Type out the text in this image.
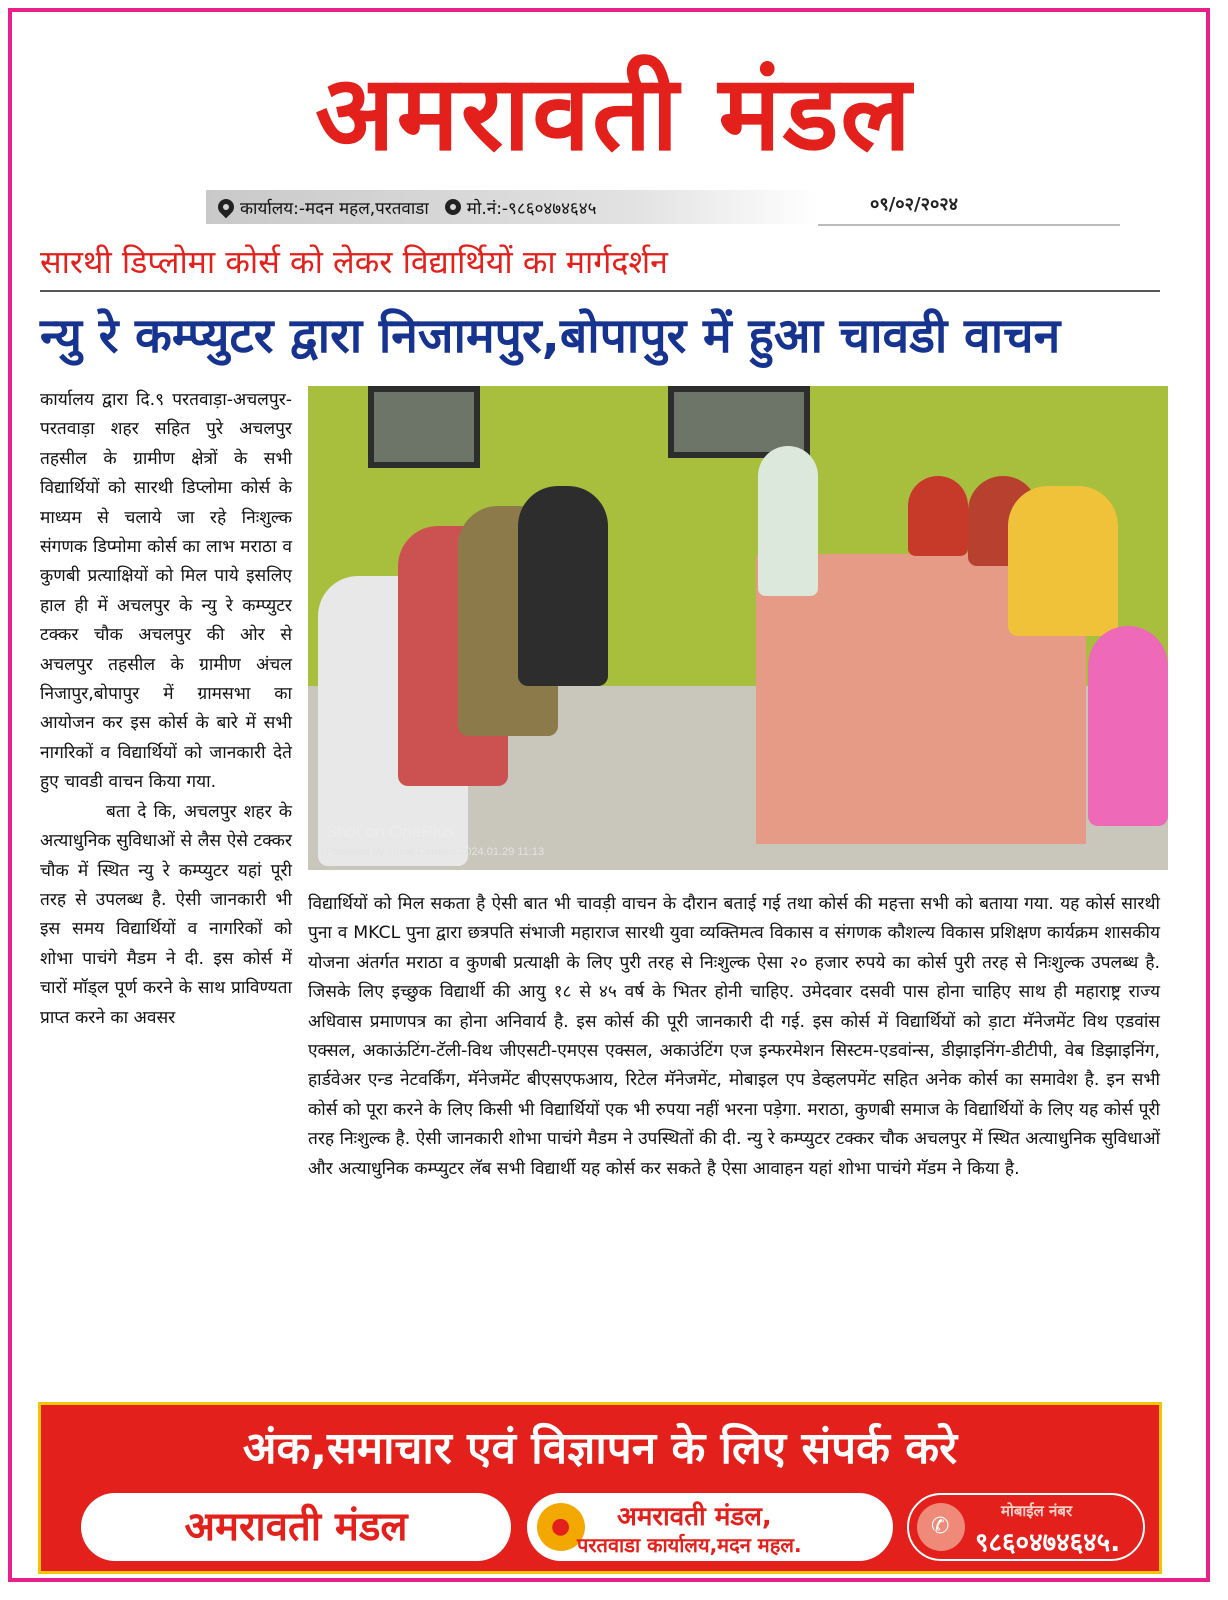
अमरावती मंडल
कार्यालय:-मदन महल,परतवाडा मो.नं:-९८६०४७४६४५	०९/०२/२०२४
सारथी डिप्लोमा कोर्स को लेकर विद्यार्थियों का मार्गदर्शन
न्यु रे कम्प्युटर द्वारा निजामपुर,बोपापुर में हुआ चावडी वाचन

कार्यालय द्वारा दि.९ परतवाड़ा-अचलपुर-परतवाड़ा शहर सहित पुरे अचलपुर तहसील के ग्रामीण क्षेत्रों के सभी विद्यार्थियों को सारथी डिप्लोमा कोर्स के माध्यम से चलाये जा रहे निःशुल्क संगणक डिप्मोमा कोर्स का लाभ मराठा व कुणबी प्रत्याक्षियों को मिल पाये इसलिए हाल ही में अचलपुर के न्यु रे कम्प्युटर टक्कर चौक अचलपुर की ओर से अचलपुर तहसील के ग्रामीण अंचल निजापुर,बोपापुर में ग्रामसभा का आयोजन कर इस कोर्स के बारे में सभी नागरिकों व विद्यार्थियों को जानकारी देते हुए चावडी वाचन किया गया.

बता दे कि, अचलपुर शहर के अत्याधुनिक सुविधाओं से लैस ऐसे टक्कर चौक में स्थित न्यु रे कम्प्युटर यहां पूरी तरह से उपलब्ध है. ऐसी जानकारी भी इस समय विद्यार्थियों व नागरिकों को शोभा पाचंगे मैडम ने दी. इस कोर्स में चारों मॉड्ल पूर्ण करने के साथ प्राविण्यता प्राप्त करने का अवसर

Shot on OnePlus
Powered by Triple Camera 2024.01.29 11:13

विद्यार्थियों को मिल सकता है ऐसी बात भी चावड़ी वाचन के दौरान बताई गई तथा कोर्स की महत्ता सभी को बताया गया. यह कोर्स सारथी पुना व MKCL पुना द्वारा छत्रपति संभाजी महाराज सारथी युवा व्यक्तिमत्व विकास व संगणक कौशल्य विकास प्रशिक्षण कार्यक्रम शासकीय योजना अंतर्गत मराठा व कुणबी प्रत्याक्षी के लिए पुरी तरह से निःशुल्क ऐसा २० हजार रुपये का कोर्स पुरी तरह से निःशुल्क उपलब्ध है. जिसके लिए इच्छुक विद्यार्थी की आयु १८ से ४५ वर्ष के भितर होनी चाहिए. उमेदवार दसवी पास होना चाहिए साथ ही महाराष्ट्र राज्य अधिवास प्रमाणपत्र का होना अनिवार्य है. इस कोर्स की पूरी जानकारी दी गई. इस कोर्स में विद्यार्थियों को ड़ाटा मॅनेजमेंट विथ एडवांस एक्सल, अकाऊंटिंग-टॅली-विथ जीएसटी-एमएस एक्सल, अकाउंटिंग एज इन्फरमेशन सिस्टम-एडवांन्स, डीझाइनिंग-डीटीपी, वेब डिझाइनिंग, हार्डवेअर एन्ड नेटवर्किंग, मॅनेजमेंट बीएसएफआय, रिटेल मॅनेजमेंट, मोबाइल एप डेव्हलपमेंट सहित अनेक कोर्स का समावेश है. इन सभी कोर्स को पूरा करने के लिए किसी भी विद्यार्थियों एक भी रुपया नहीं भरना पड़ेगा. मराठा, कुणबी समाज के विद्यार्थियों के लिए यह कोर्स पूरी तरह निःशुल्क है. ऐसी जानकारी शोभा पाचंगे मैडम ने उपस्थितों की दी. न्यु रे कम्प्युटर टक्कर चौक अचलपुर में स्थित अत्याधुनिक सुविधाओं और अत्याधुनिक कम्प्युटर लॅब सभी विद्यार्थी यह कोर्स कर सकते है ऐसा आवाहन यहां शोभा पाचंगे मॅडम ने किया है.

अंक,समाचार एवं विज्ञापन के लिए संपर्क करे
अमरावती मंडल	● अमरावती मंडल,
परतवाडा कार्यालय,मदन महल.
✆
मोबाईल नंबर
९८६०४७४६४५.
